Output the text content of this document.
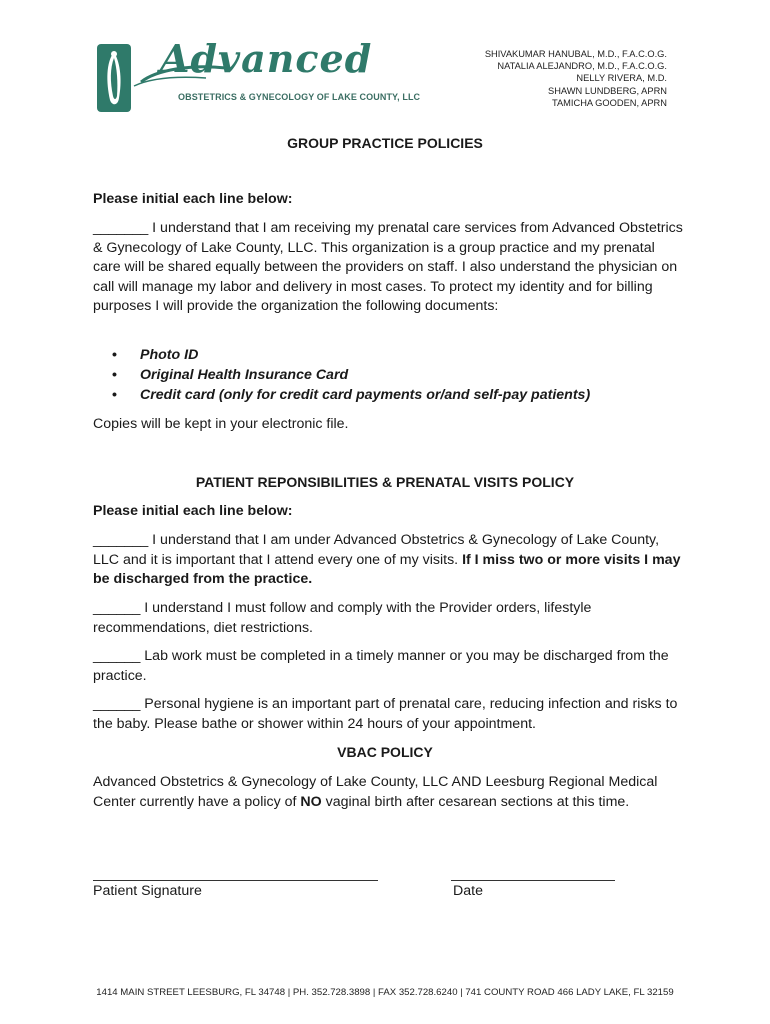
Advanced
OBSTETRICS & GYNECOLOGY OF LAKE COUNTY, LLC
SHIVAKUMAR HANUBAL, M.D., F.A.C.O.G.
NATALIA ALEJANDRO, M.D., F.A.C.O.G.
NELLY RIVERA, M.D.
SHAWN LUNDBERG, APRN
TAMICHA GOODEN, APRN
GROUP PRACTICE POLICIES
Please initial each line below:
_______ I understand that I am receiving my prenatal care services from Advanced Obstetrics & Gynecology of Lake County, LLC. This organization is a group practice and my prenatal care will be shared equally between the providers on staff. I also understand the physician on call will manage my labor and delivery in most cases. To protect my identity and for billing purposes I will provide the organization the following documents:
•	Photo ID
•	Original Health Insurance Card
•	Credit card (only for credit card payments or/and self-pay patients)
Copies will be kept in your electronic file.
PATIENT REPONSIBILITIES & PRENATAL VISITS POLICY
Please initial each line below:
_______ I understand that I am under Advanced Obstetrics & Gynecology of Lake County, LLC and it is important that I attend every one of my visits. If I miss two or more visits I may be discharged from the practice.
______ I understand I must follow and comply with the Provider orders, lifestyle recommendations, diet restrictions.
______ Lab work must be completed in a timely manner or you may be discharged from the practice.
______ Personal hygiene is an important part of prenatal care, reducing infection and risks to the baby. Please bathe or shower within 24 hours of your appointment.
VBAC POLICY
Advanced Obstetrics & Gynecology of Lake County, LLC AND Leesburg Regional Medical Center currently have a policy of NO vaginal birth after cesarean sections at this time.
Patient Signature	Date
1414 MAIN STREET LEESBURG, FL 34748 | PH. 352.728.3898 | FAX 352.728.6240 | 741 COUNTY ROAD 466 LADY LAKE, FL 32159
